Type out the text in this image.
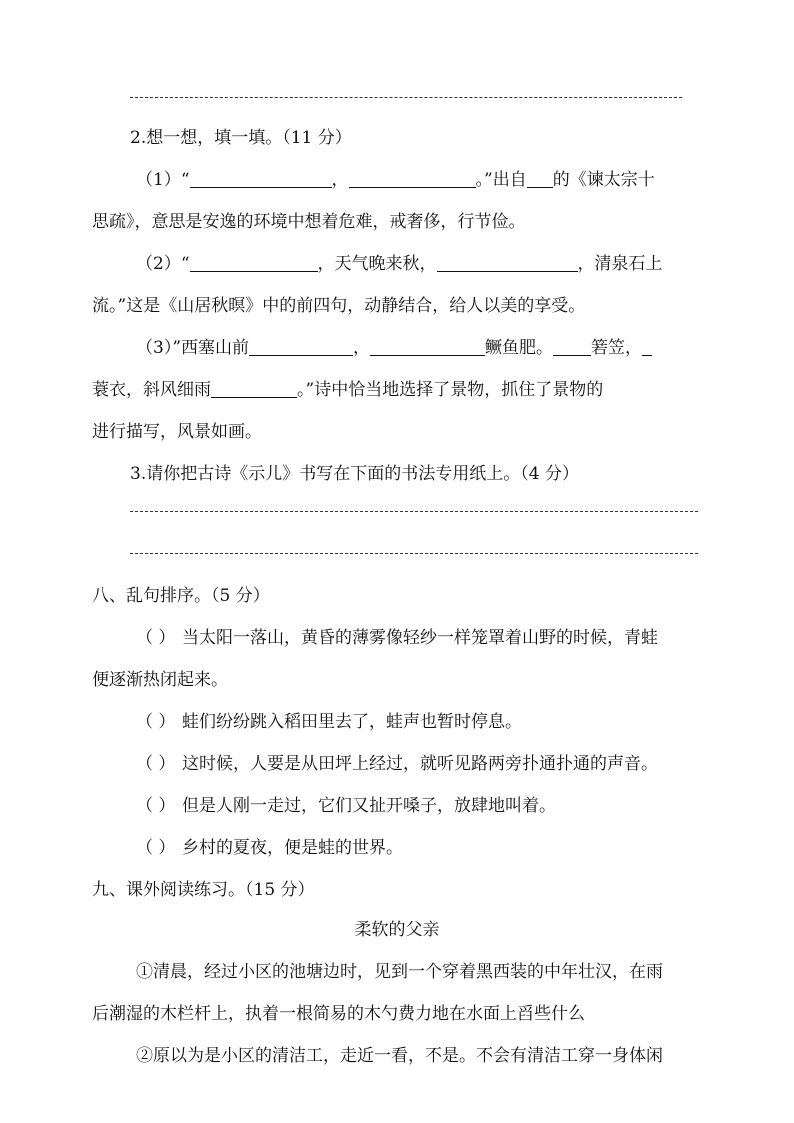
2.想一想，填一填。（11 分）
（1）“	，	。”出自 的《谏太宗十
思疏》，意思是安逸的环境中想着危难，戒奢侈，行节俭。
（2）“	，天气晚来秋，	，清泉石上
流。”这是《山居秋暝》中的前四句，动静结合，给人以美的享受。
（3）”西塞山前	，	鳜鱼肥。 箬笠，
蓑衣，斜风细雨	。”诗中恰当地选择了景物，抓住了景物的
进行描写，风景如画。
3.请你把古诗《示儿》书写在下面的书法专用纸上。（4 分）
八、乱句排序。（5 分）
（ ） 当太阳一落山，黄昏的薄雾像轻纱一样笼罩着山野的时候，青蛙
便逐渐热闭起来。
（ ） 蛙们纷纷跳入稻田里去了，蛙声也暂时停息。
（ ） 这时候，人要是从田坪上经过，就听见路两旁扑通扑通的声音。
（ ） 但是人刚一走过，它们又扯开嗓子，放肆地叫着。
（ ） 乡村的夏夜，便是蛙的世界。
九、课外阅读练习。（15 分）
柔软的父亲
①清晨，经过小区的池塘边时，见到一个穿着黑西装的中年壮汉，在雨
后潮湿的木栏杆上，执着一根简易的木勺费力地在水面上舀些什么
②原以为是小区的清洁工，走近一看，不是。不会有清洁工穿一身体闲
